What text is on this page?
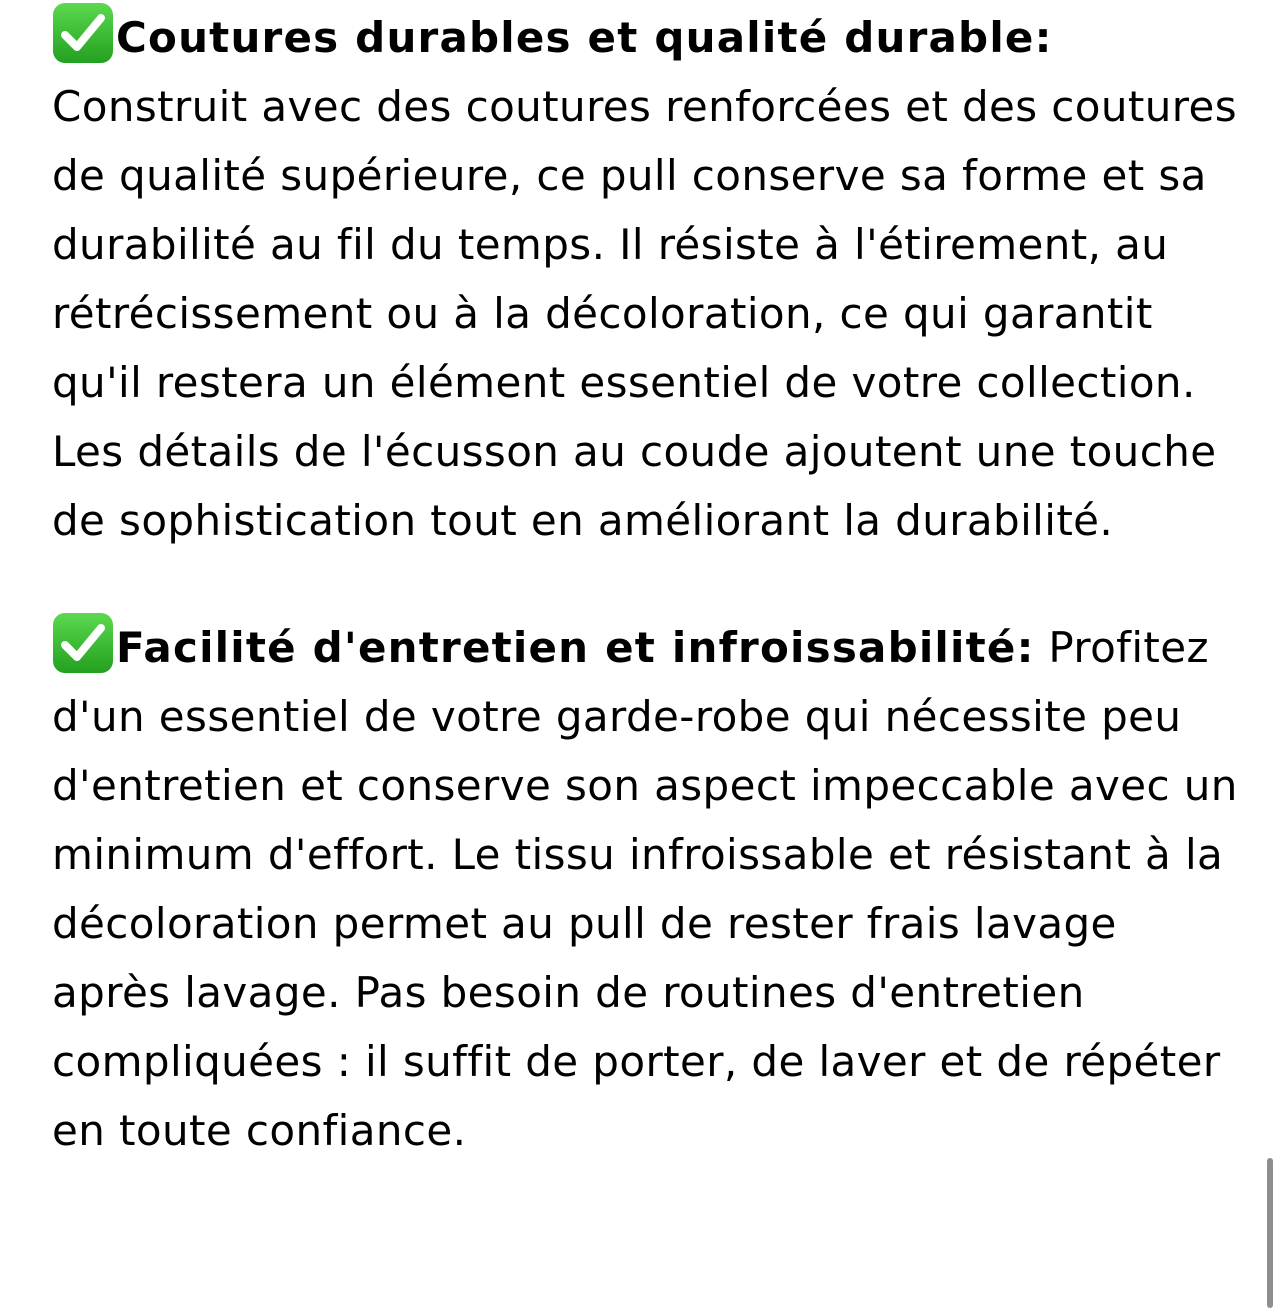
Coutures durables et qualité durable: Construit avec des coutures renforcées et des coutures de qualité supérieure, ce pull conserve sa forme et sa durabilité au fil du temps. Il résiste à l'étirement, au rétrécissement ou à la décoloration, ce qui garantit qu'il restera un élément essentiel de votre collection. Les détails de l'écusson au coude ajoutent une touche de sophistication tout en améliorant la durabilité.

Facilité d'entretien et infroissabilité: Profitez d'un essentiel de votre garde-robe qui nécessite peu d'entretien et conserve son aspect impeccable avec un minimum d'effort. Le tissu infroissable et résistant à la décoloration permet au pull de rester frais lavage après lavage. Pas besoin de routines d'entretien compliquées : il suffit de porter, de laver et de répéter en toute confiance.
